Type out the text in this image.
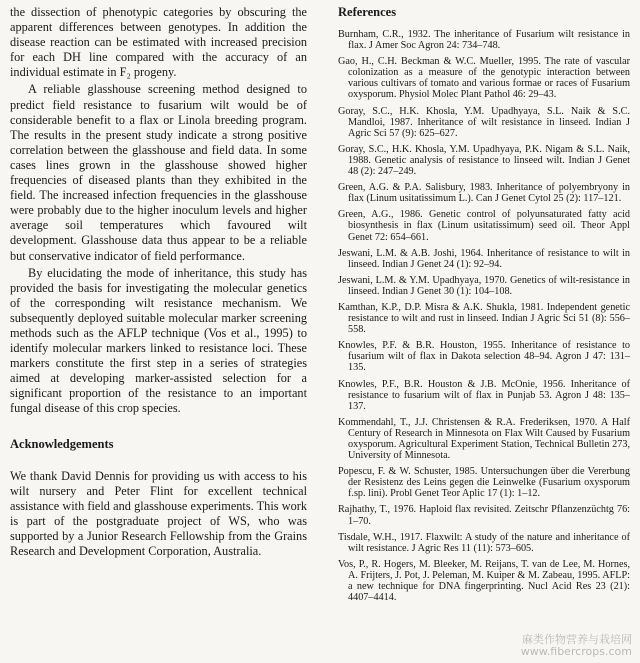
the dissection of phenotypic categories by obscuring the apparent differences between genotypes. In addition the disease reaction can be estimated with increased precision for each DH line compared with the accuracy of an individual estimate in F₂ progeny.

A reliable glasshouse screening method designed to predict field resistance to fusarium wilt would be of considerable benefit to a flax or Linola breeding program. The results in the present study indicate a strong positive correlation between the glasshouse and field data. In some cases lines grown in the glasshouse showed higher frequencies of diseased plants than they exhibited in the field. The increased infection frequencies in the glasshouse were probably due to the higher inoculum levels and higher average soil temperatures which favoured wilt development. Glasshouse data thus appear to be a reliable but conservative indicator of field performance.

By elucidating the mode of inheritance, this study has provided the basis for investigating the molecular genetics of the corresponding wilt resistance mechanism. We subsequently deployed suitable molecular marker screening methods such as the AFLP technique (Vos et al., 1995) to identify molecular markers linked to resistance loci. These markers constitute the first step in a series of strategies aimed at developing marker-assisted selection for a significant proportion of the resistance to an important fungal disease of this crop species.

Acknowledgements

We thank David Dennis for providing us with access to his wilt nursery and Peter Flint for excellent technical assistance with field and glasshouse experiments. This work is part of the postgraduate project of WS, who was supported by a Junior Research Fellowship from the Grains Research and Development Corporation, Australia.

References
Burnham, C.R., 1932. The inheritance of Fusarium wilt resistance in flax. J Amer Soc Agron 24: 734–748.
Gao, H., C.H. Beckman & W.C. Mueller, 1995. The rate of vascular colonization as a measure of the genotypic interaction between various cultivars of tomato and various formae or races of Fusarium oxysporum. Physiol Molec Plant Pathol 46: 29–43.
Goray, S.C., H.K. Khosla, Y.M. Upadhyaya, S.L. Naik & S.C. Mandloi, 1987. Inheritance of wilt resistance in linseed. Indian J Agric Sci 57 (9): 625–627.
Goray, S.C., H.K. Khosla, Y.M. Upadhyaya, P.K. Nigam & S.L. Naik, 1988. Genetic analysis of resistance to linseed wilt. Indian J Genet 48 (2): 247–249.
Green, A.G. & P.A. Salisbury, 1983. Inheritance of polyembryony in flax (Linum usitatissimum L.). Can J Genet Cytol 25 (2): 117–121.
Green, A.G., 1986. Genetic control of polyunsaturated fatty acid biosynthesis in flax (Linum usitatissimum) seed oil. Theor Appl Genet 72: 654–661.
Jeswani, L.M. & A.B. Joshi, 1964. Inheritance of resistance to wilt in linseed. Indian J Genet 24 (1): 92–94.
Jeswani, L.M. & Y.M. Upadhyaya, 1970. Genetics of wilt-resistance in linseed. Indian J Genet 30 (1): 104–108.
Kamthan, K.P., D.P. Misra & A.K. Shukla, 1981. Independent genetic resistance to wilt and rust in linseed. Indian J Agric Sci 51 (8): 556–558.
Knowles, P.F. & B.R. Houston, 1955. Inheritance of resistance to fusarium wilt of flax in Dakota selection 48–94. Agron J 47: 131–135.
Knowles, P.F., B.R. Houston & J.B. McOnie, 1956. Inheritance of resistance to fusarium wilt of flax in Punjab 53. Agron J 48: 135–137.
Kommendahl, T., J.J. Christensen & R.A. Frederiksen, 1970. A Half Century of Research in Minnesota on Flax Wilt Caused by Fusarium oxysporum. Agricultural Experiment Station, Technical Bulletin 273, University of Minnesota.
Popescu, F. & W. Schuster, 1985. Untersuchungen über die Vererbung der Resistenz des Leins gegen die Leinwelke (Fusarium oxysporum f.sp. lini). Probl Genet Teor Aplic 17 (1): 1–12.
Rajhathy, T., 1976. Haploid flax revisited. Zeitschr Pflanzenzüchtg 76: 1–70.
Tisdale, W.H., 1917. Flaxwilt: A study of the nature and inheritance of wilt resistance. J Agric Res 11 (11): 573–605.
Vos, P., R. Hogers, M. Bleeker, M. Reijans, T. van de Lee, M. Hornes, A. Frijters, J. Pot, J. Peleman, M. Kuiper & M. Zabeau, 1995. AFLP: a new technique for DNA fingerprinting. Nucl Acid Res 23 (21): 4407–4414.
麻类作物营养与栽培网
www.fibercrops.com
